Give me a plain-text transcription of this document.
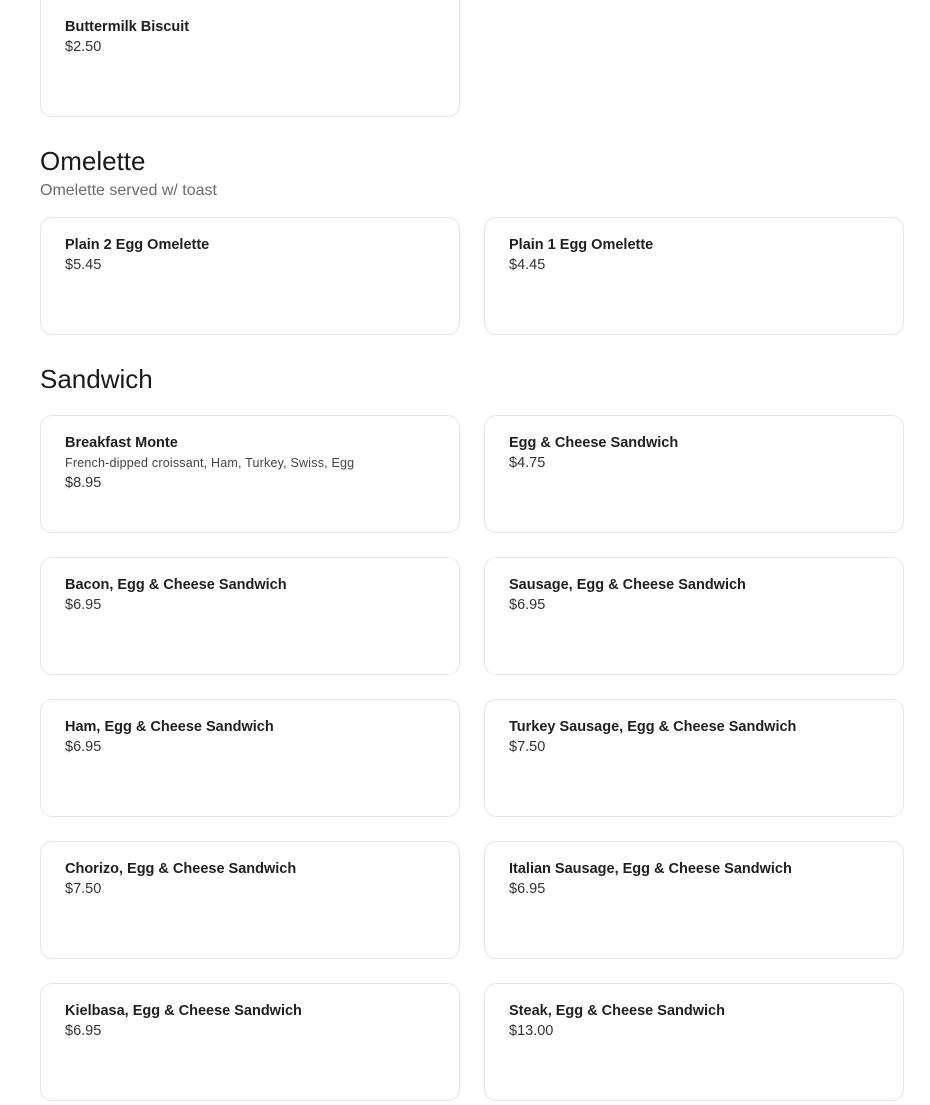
Buttermilk Biscuit
$2.50
Omelette
Omelette served w/ toast
Plain 2 Egg Omelette
$5.45
Plain 1 Egg Omelette
$4.45
Sandwich
Breakfast Monte
French-dipped croissant, Ham, Turkey, Swiss, Egg
$8.95
Egg & Cheese Sandwich
$4.75
Bacon, Egg & Cheese Sandwich
$6.95
Sausage, Egg & Cheese Sandwich
$6.95
Ham, Egg & Cheese Sandwich
$6.95
Turkey Sausage, Egg & Cheese Sandwich
$7.50
Chorizo, Egg & Cheese Sandwich
$7.50
Italian Sausage, Egg & Cheese Sandwich
$6.95
Kielbasa, Egg & Cheese Sandwich
$6.95
Steak, Egg & Cheese Sandwich
$13.00
